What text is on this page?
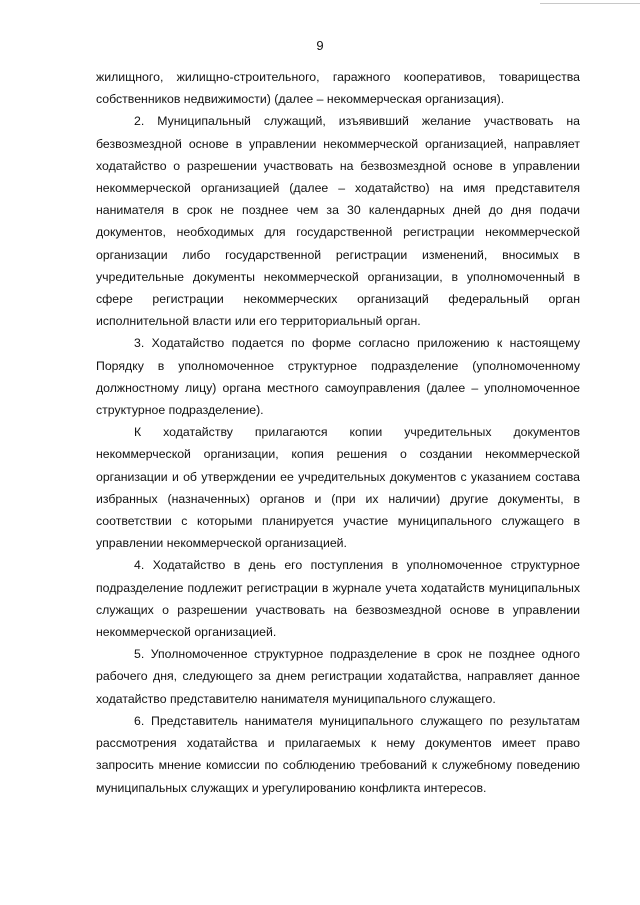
9

жилищного, жилищно-строительного, гаражного кооперативов, товарищества собственников недвижимости) (далее – некоммерческая организация).

2. Муниципальный служащий, изъявивший желание участвовать на безвозмездной основе в управлении некоммерческой организацией, направляет ходатайство о разрешении участвовать на безвозмездной основе в управлении некоммерческой организацией (далее – ходатайство) на имя представителя нанимателя в срок не позднее чем за 30 календарных дней до дня подачи документов, необходимых для государственной регистрации некоммерческой организации либо государственной регистрации изменений, вносимых в учредительные документы некоммерческой организации, в уполномоченный в сфере регистрации некоммерческих организаций федеральный орган исполнительной власти или его территориальный орган.

3. Ходатайство подается по форме согласно приложению к настоящему Порядку в уполномоченное структурное подразделение (уполномоченному должностному лицу) органа местного самоуправления (далее – уполномоченное структурное подразделение).

К ходатайству прилагаются копии учредительных документов некоммерческой организации, копия решения о создании некоммерческой организации и об утверждении ее учредительных документов с указанием состава избранных (назначенных) органов и (при их наличии) другие документы, в соответствии с которыми планируется участие муниципального служащего в управлении некоммерческой организацией.

4. Ходатайство в день его поступления в уполномоченное структурное подразделение подлежит регистрации в журнале учета ходатайств муниципальных служащих о разрешении участвовать на безвозмездной основе в управлении некоммерческой организацией.

5. Уполномоченное структурное подразделение в срок не позднее одного рабочего дня, следующего за днем регистрации ходатайства, направляет данное ходатайство представителю нанимателя муниципального служащего.

6. Представитель нанимателя муниципального служащего по результатам рассмотрения ходатайства и прилагаемых к нему документов имеет право запросить мнение комиссии по соблюдению требований к служебному поведению муниципальных служащих и урегулированию конфликта интересов.
